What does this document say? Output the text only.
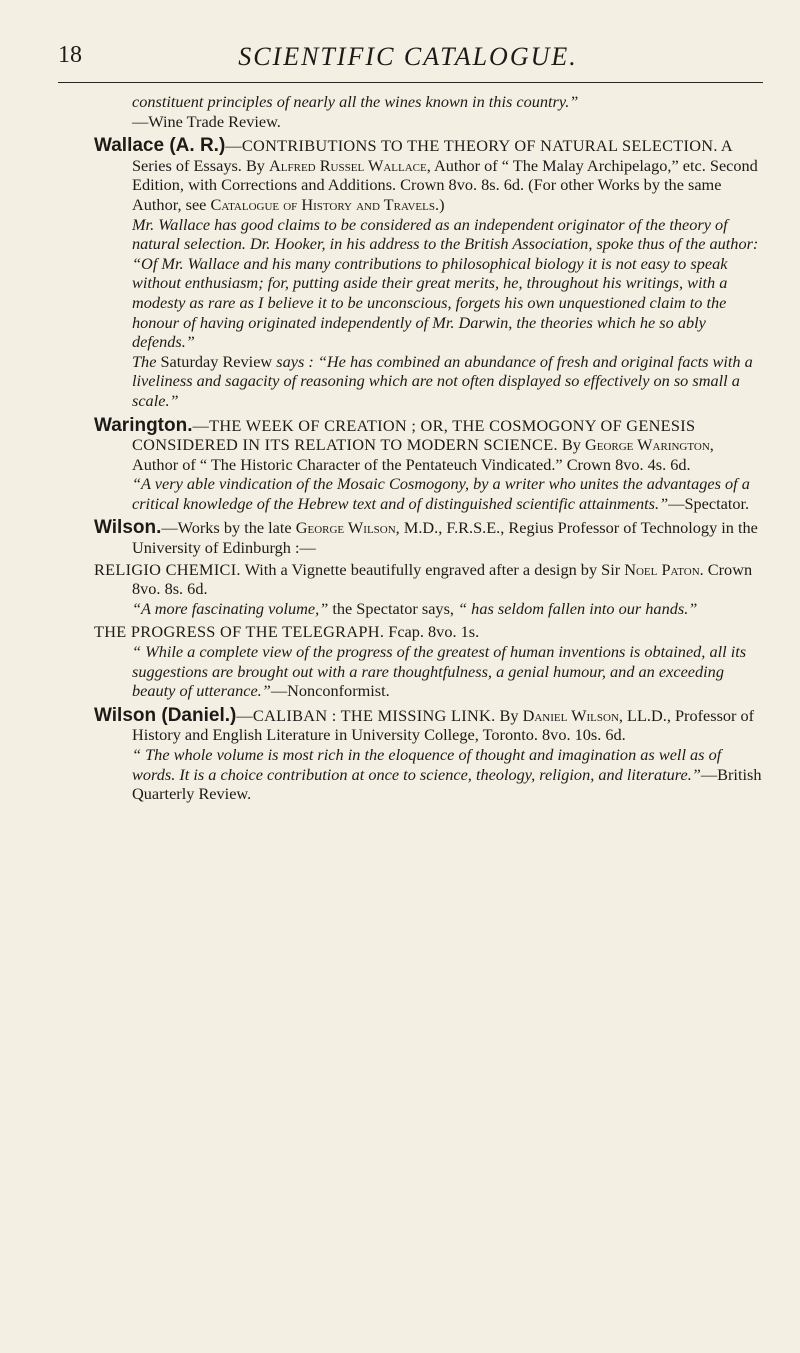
18	SCIENTIFIC CATALOGUE.

constituent principles of nearly all the wines known in this country.”

—Wine Trade Review.

Wallace (A. R.)—CONTRIBUTIONS TO THE THEORY OF NATURAL SELECTION. A Series of Essays. By Alfred Russel Wallace, Author of “ The Malay Archipelago,” etc. Second Edition, with Corrections and Additions. Crown 8vo. 8s. 6d. (For other Works by the same Author, see Catalogue of History and Travels.)

Mr. Wallace has good claims to be considered as an independent originator of the theory of natural selection. Dr. Hooker, in his address to the British Association, spoke thus of the author: “Of Mr. Wallace and his many contributions to philosophical biology it is not easy to speak without enthusiasm; for, putting aside their great merits, he, throughout his writings, with a modesty as rare as I believe it to be unconscious, forgets his own unquestioned claim to the honour of having originated independently of Mr. Darwin, the theories which he so ably defends.”

The Saturday Review says : “He has combined an abundance of fresh and original facts with a liveliness and sagacity of reasoning which are not often displayed so effectively on so small a scale.”

Warington.—THE WEEK OF CREATION ; OR, THE COSMOGONY OF GENESIS CONSIDERED IN ITS RELATION TO MODERN SCIENCE. By George Warington, Author of “ The Historic Character of the Pentateuch Vindicated.” Crown 8vo. 4s. 6d.

“A very able vindication of the Mosaic Cosmogony, by a writer who unites the advantages of a critical knowledge of the Hebrew text and of distinguished scientific attainments.”—Spectator.

Wilson.—Works by the late George Wilson, M.D., F.R.S.E., Regius Professor of Technology in the University of Edinburgh :—

RELIGIO CHEMICI. With a Vignette beautifully engraved after a design by Sir Noel Paton. Crown 8vo. 8s. 6d.

“A more fascinating volume,” the Spectator says, “ has seldom fallen into our hands.”

THE PROGRESS OF THE TELEGRAPH. Fcap. 8vo. 1s.

“ While a complete view of the progress of the greatest of human inventions is obtained, all its suggestions are brought out with a rare thoughtfulness, a genial humour, and an exceeding beauty of utterance.”—Nonconformist.

Wilson (Daniel.)—CALIBAN : THE MISSING LINK. By Daniel Wilson, LL.D., Professor of History and English Literature in University College, Toronto. 8vo. 10s. 6d.

“ The whole volume is most rich in the eloquence of thought and imagination as well as of words. It is a choice contribution at once to science, theology, religion, and literature.”—British Quarterly Review.
